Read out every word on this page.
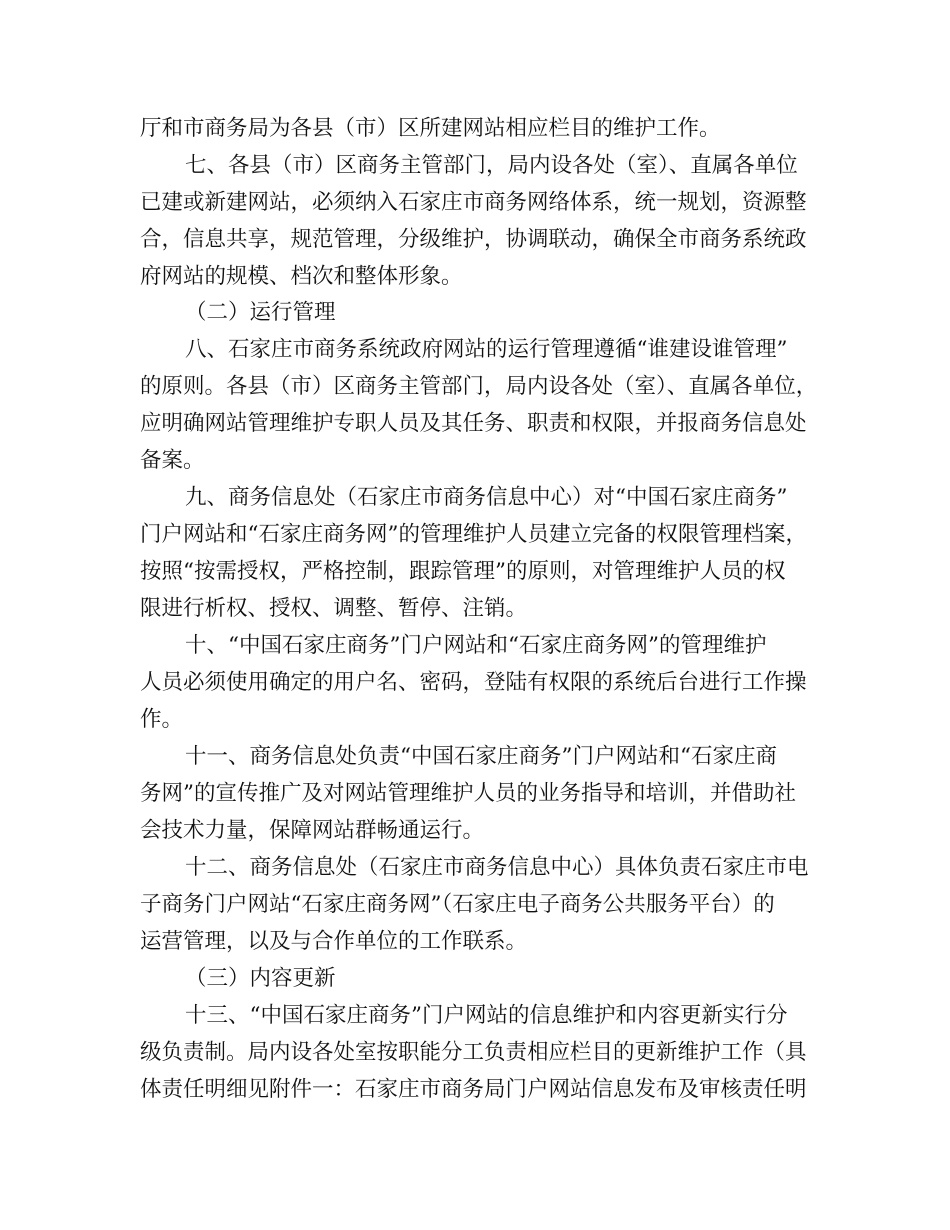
厅和市商务局为各县（市）区所建网站相应栏目的维护工作。

七、各县（市）区商务主管部门，局内设各处（室）、直属各单位

已建或新建网站，必须纳入石家庄市商务网络体系，统一规划，资源整

合，信息共享，规范管理，分级维护，协调联动，确保全市商务系统政

府网站的规模、档次和整体形象。

（二）运行管理

八、石家庄市商务系统政府网站的运行管理遵循“谁建设谁管理”

的原则。各县（市）区商务主管部门，局内设各处（室）、直属各单位，

应明确网站管理维护专职人员及其任务、职责和权限，并报商务信息处

备案。

九、商务信息处（石家庄市商务信息中心）对“中国石家庄商务”

门户网站和“石家庄商务网”的管理维护人员建立完备的权限管理档案，

按照“按需授权，严格控制，跟踪管理”的原则，对管理维护人员的权

限进行析权、授权、调整、暂停、注销。

十、“中国石家庄商务”门户网站和“石家庄商务网”的管理维护

人员必须使用确定的用户名、密码，登陆有权限的系统后台进行工作操

作。

十一、商务信息处负责“中国石家庄商务”门户网站和“石家庄商

务网”的宣传推广及对网站管理维护人员的业务指导和培训，并借助社

会技术力量，保障网站群畅通运行。

十二、商务信息处（石家庄市商务信息中心）具体负责石家庄市电

子商务门户网站“石家庄商务网”（石家庄电子商务公共服务平台）的

运营管理，以及与合作单位的工作联系。

（三）内容更新

十三、“中国石家庄商务”门户网站的信息维护和内容更新实行分

级负责制。局内设各处室按职能分工负责相应栏目的更新维护工作（具

体责任明细见附件一：石家庄市商务局门户网站信息发布及审核责任明
